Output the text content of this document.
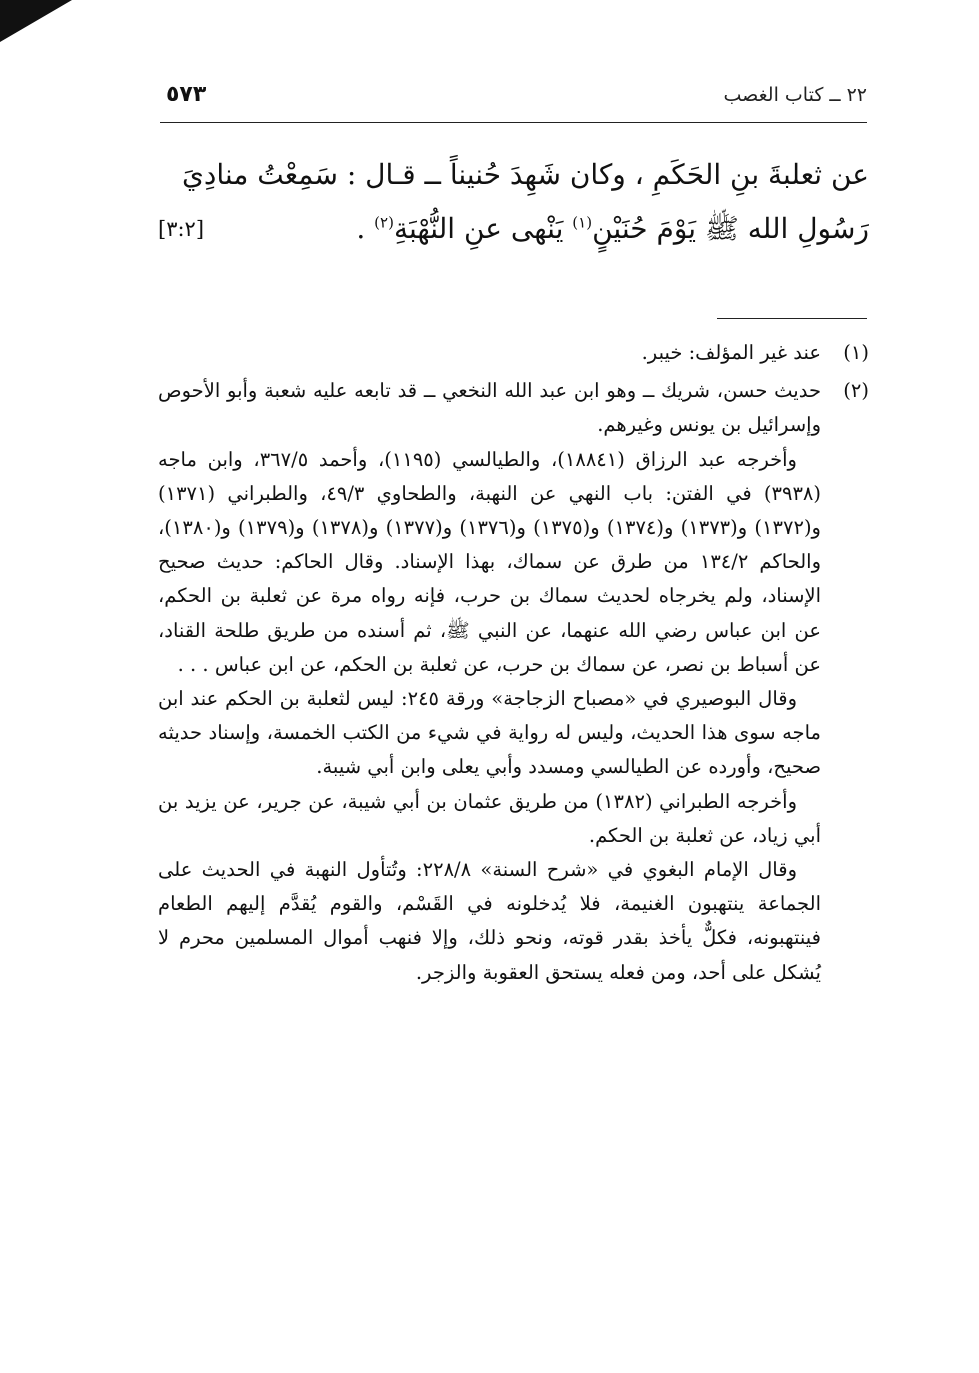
٢٢ ــ كتاب الغصب
٥٧٣
عن ثعلبةَ بنِ الحَكَمِ ، وكان شَهِدَ حُنيناً ــ قـال : سَمِعْتُ منادِيَ
رَسُولِ الله ﷺ يَوْمَ حُنَيْنٍ$^{(١)}$ يَنْهى عنِ النُّهْبَةِ$^{(٢)}$ .
[٣:٢]
(١)

عند غير المؤلف: خيبر.

(٢)

حديث حسن، شريك ــ وهو ابن عبد الله النخعي ــ قد تابعه عليه شعبة وأبو الأحوص وإسرائيل بن يونس وغيرهم.

وأخرجه عبد الرزاق (١٨٨٤١)، والطيالسي (١١٩٥)، وأحمد ٣٦٧/٥، وابن ماجه (٣٩٣٨) في الفتن: باب النهي عن النهبة، والطحاوي ٤٩/٣، والطبراني (١٣٧١) و(١٣٧٢) و(١٣٧٣) و(١٣٧٤) و(١٣٧٥) و(١٣٧٦) و(١٣٧٧) و(١٣٧٨) و(١٣٧٩) و(١٣٨٠)، والحاكم ١٣٤/٢ من طرق عن سماك، بهذا الإسناد. وقال الحاكم: حديث صحيح الإسناد، ولم يخرجاه لحديث سماك بن حرب، فإنه رواه مرة عن ثعلبة بن الحكم، عن ابن عباس رضي الله عنهما، عن النبي ﷺ، ثم أسنده من طريق طلحة القناد، عن أسباط بن نصر، عن سماك بن حرب، عن ثعلبة بن الحكم، عن ابن عباس . . .

وقال البوصيري في «مصباح الزجاجة» ورقة ٢٤٥: ليس لثعلبة بن الحكم عند ابن ماجه سوى هذا الحديث، وليس له رواية في شيء من الكتب الخمسة، وإسناد حديثه صحيح، وأورده عن الطيالسي ومسدد وأبي يعلى وابن أبي شيبة.

وأخرجه الطبراني (١٣٨٢) من طريق عثمان بن أبي شيبة، عن جرير، عن يزيد بن أبي زياد، عن ثعلبة بن الحكم.

وقال الإمام البغوي في «شرح السنة» ٢٢٨/٨: وتُتأول النهبة في الحديث على الجماعة ينتهبون الغنيمة، فلا يُدخلونه في القَسْم، والقوم يُقدَّم إليهم الطعام فينتهبونه، فكلٌّ يأخذ بقدر قوته، ونحو ذلك، وإلا فنهب أموال المسلمين محرم لا يُشكل على أحد، ومن فعله يستحق العقوبة والزجر.
